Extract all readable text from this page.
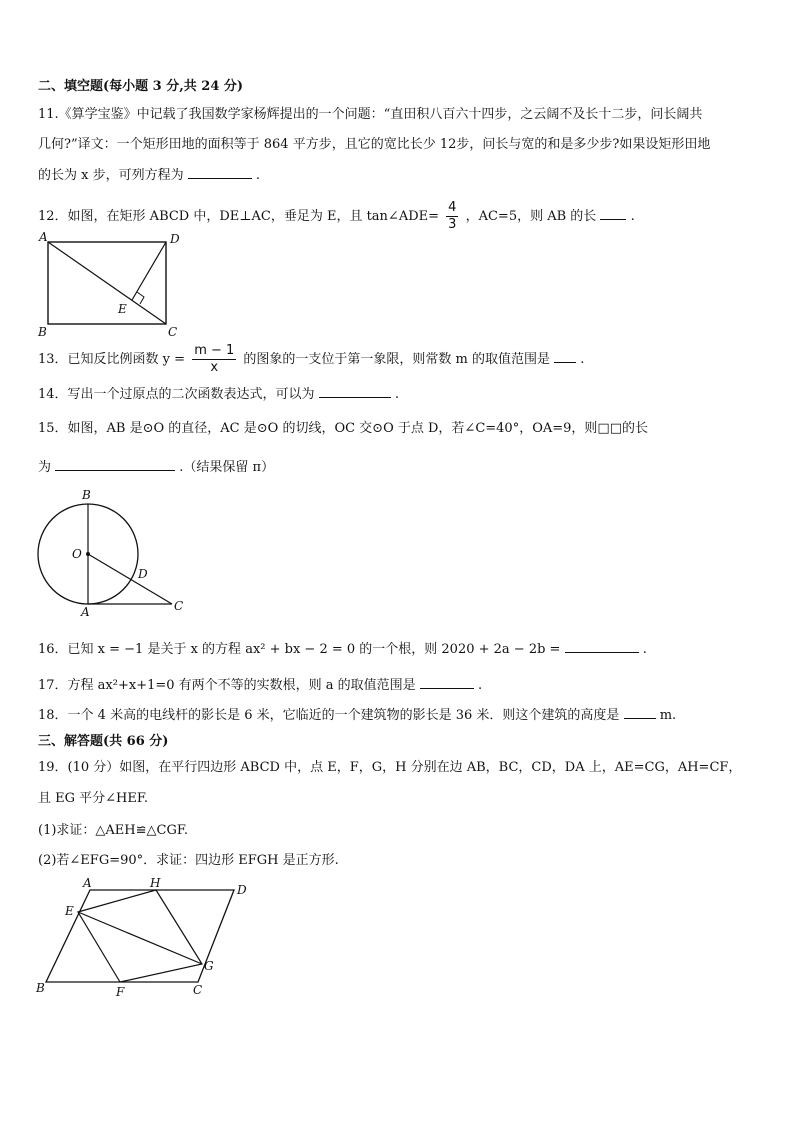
二、填空题(每小题 3 分,共 24 分)
11.《算学宝鉴》中记载了我国数学家杨辉提出的一个问题：“直田积八百六十四步，之云阔不及长十二步，问长阔共
几何?”译文：一个矩形田地的面积等于 864 平方步，且它的宽比长少 12步，问长与宽的和是多少步?如果设矩形田地
的长为 x 步，可列方程为	.
12．如图，在矩形 ABCD 中，DE⊥AC，垂足为 E，且 tan∠ADE= $\frac{4}{3}$ ，AC=5，则 AB 的长	.
A	D
B	C
E
13．已知反比例函数 $y = \frac{m - 1}{x}$ 的图象的一支位于第一象限，则常数 m 的取值范围是 .
14．写出一个过原点的二次函数表达式，可以为	.
15．如图，AB 是⊙O 的直径，AC 是⊙O 的切线，OC 交⊙O 于点 D，若∠C=40°，OA=9，则□□的长
为	.（结果保留 π）
B
O
D
A	C
16．已知 x = −1 是关于 x 的方程 ax² + bx − 2 = 0 的一个根，则 2020 + 2a − 2b =	.
17．方程 ax²+x+1=0 有两个不等的实数根，则 a 的取值范围是	.
18．一个 4 米高的电线杆的影长是 6 米，它临近的一个建筑物的影长是 36 米．则这个建筑的高度是	m.
三、解答题(共 66 分)
19．(10 分）如图，在平行四边形 ABCD 中，点 E，F，G，H 分别在边 AB，BC，CD，DA 上，AE=CG，AH=CF，
且 EG 平分∠HEF.
(1)求证：△AEH≌△CGF.
(2)若∠EFG=90°．求证：四边形 EFGH 是正方形.
A	H	D
E
G
B	F	C
